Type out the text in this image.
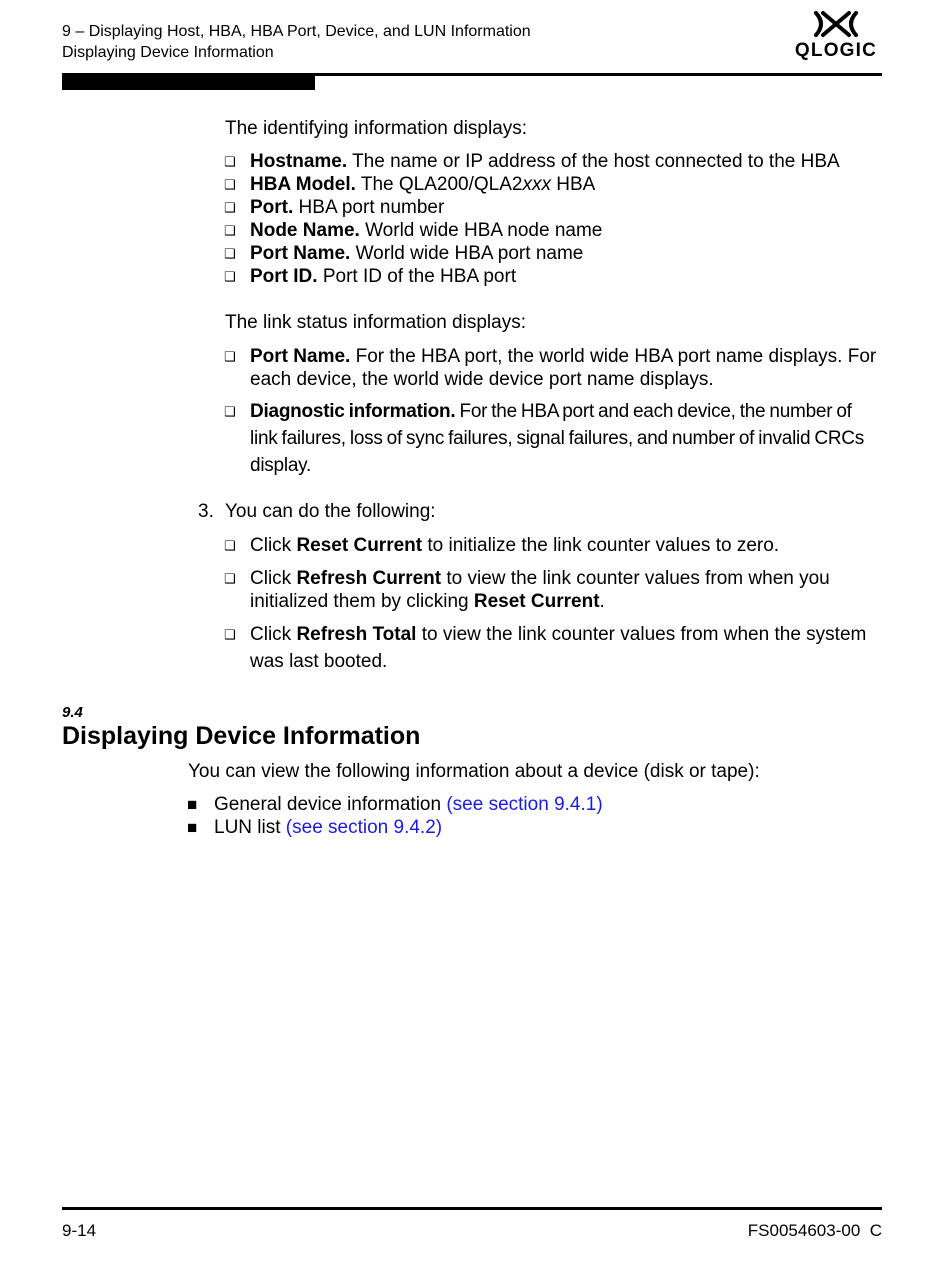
9 – Displaying Host, HBA, HBA Port, Device, and LUN Information
Displaying Device Information	QLOGIC
The identifying information displays:
❑ Hostname. The name or IP address of the host connected to the HBA
❑ HBA Model. The QLA200/QLA2xxx HBA
❑ Port. HBA port number
❑ Node Name. World wide HBA node name
❑ Port Name. World wide HBA port name
❑ Port ID. Port ID of the HBA port
The link status information displays:
❑ Port Name. For the HBA port, the world wide HBA port name displays. For each device, the world wide device port name displays.
❑ Diagnostic information. For the HBA port and each device, the number of link failures, loss of sync failures, signal failures, and number of invalid CRCs display.
3. You can do the following:
❑ Click Reset Current to initialize the link counter values to zero.
❑ Click Refresh Current to view the link counter values from when you initialized them by clicking Reset Current.
❑ Click Refresh Total to view the link counter values from when the system was last booted.
9.4
Displaying Device Information
You can view the following information about a device (disk or tape):
■ General device information (see section 9.4.1)
■ LUN list (see section 9.4.2)
9-14	FS0054603-00  C
